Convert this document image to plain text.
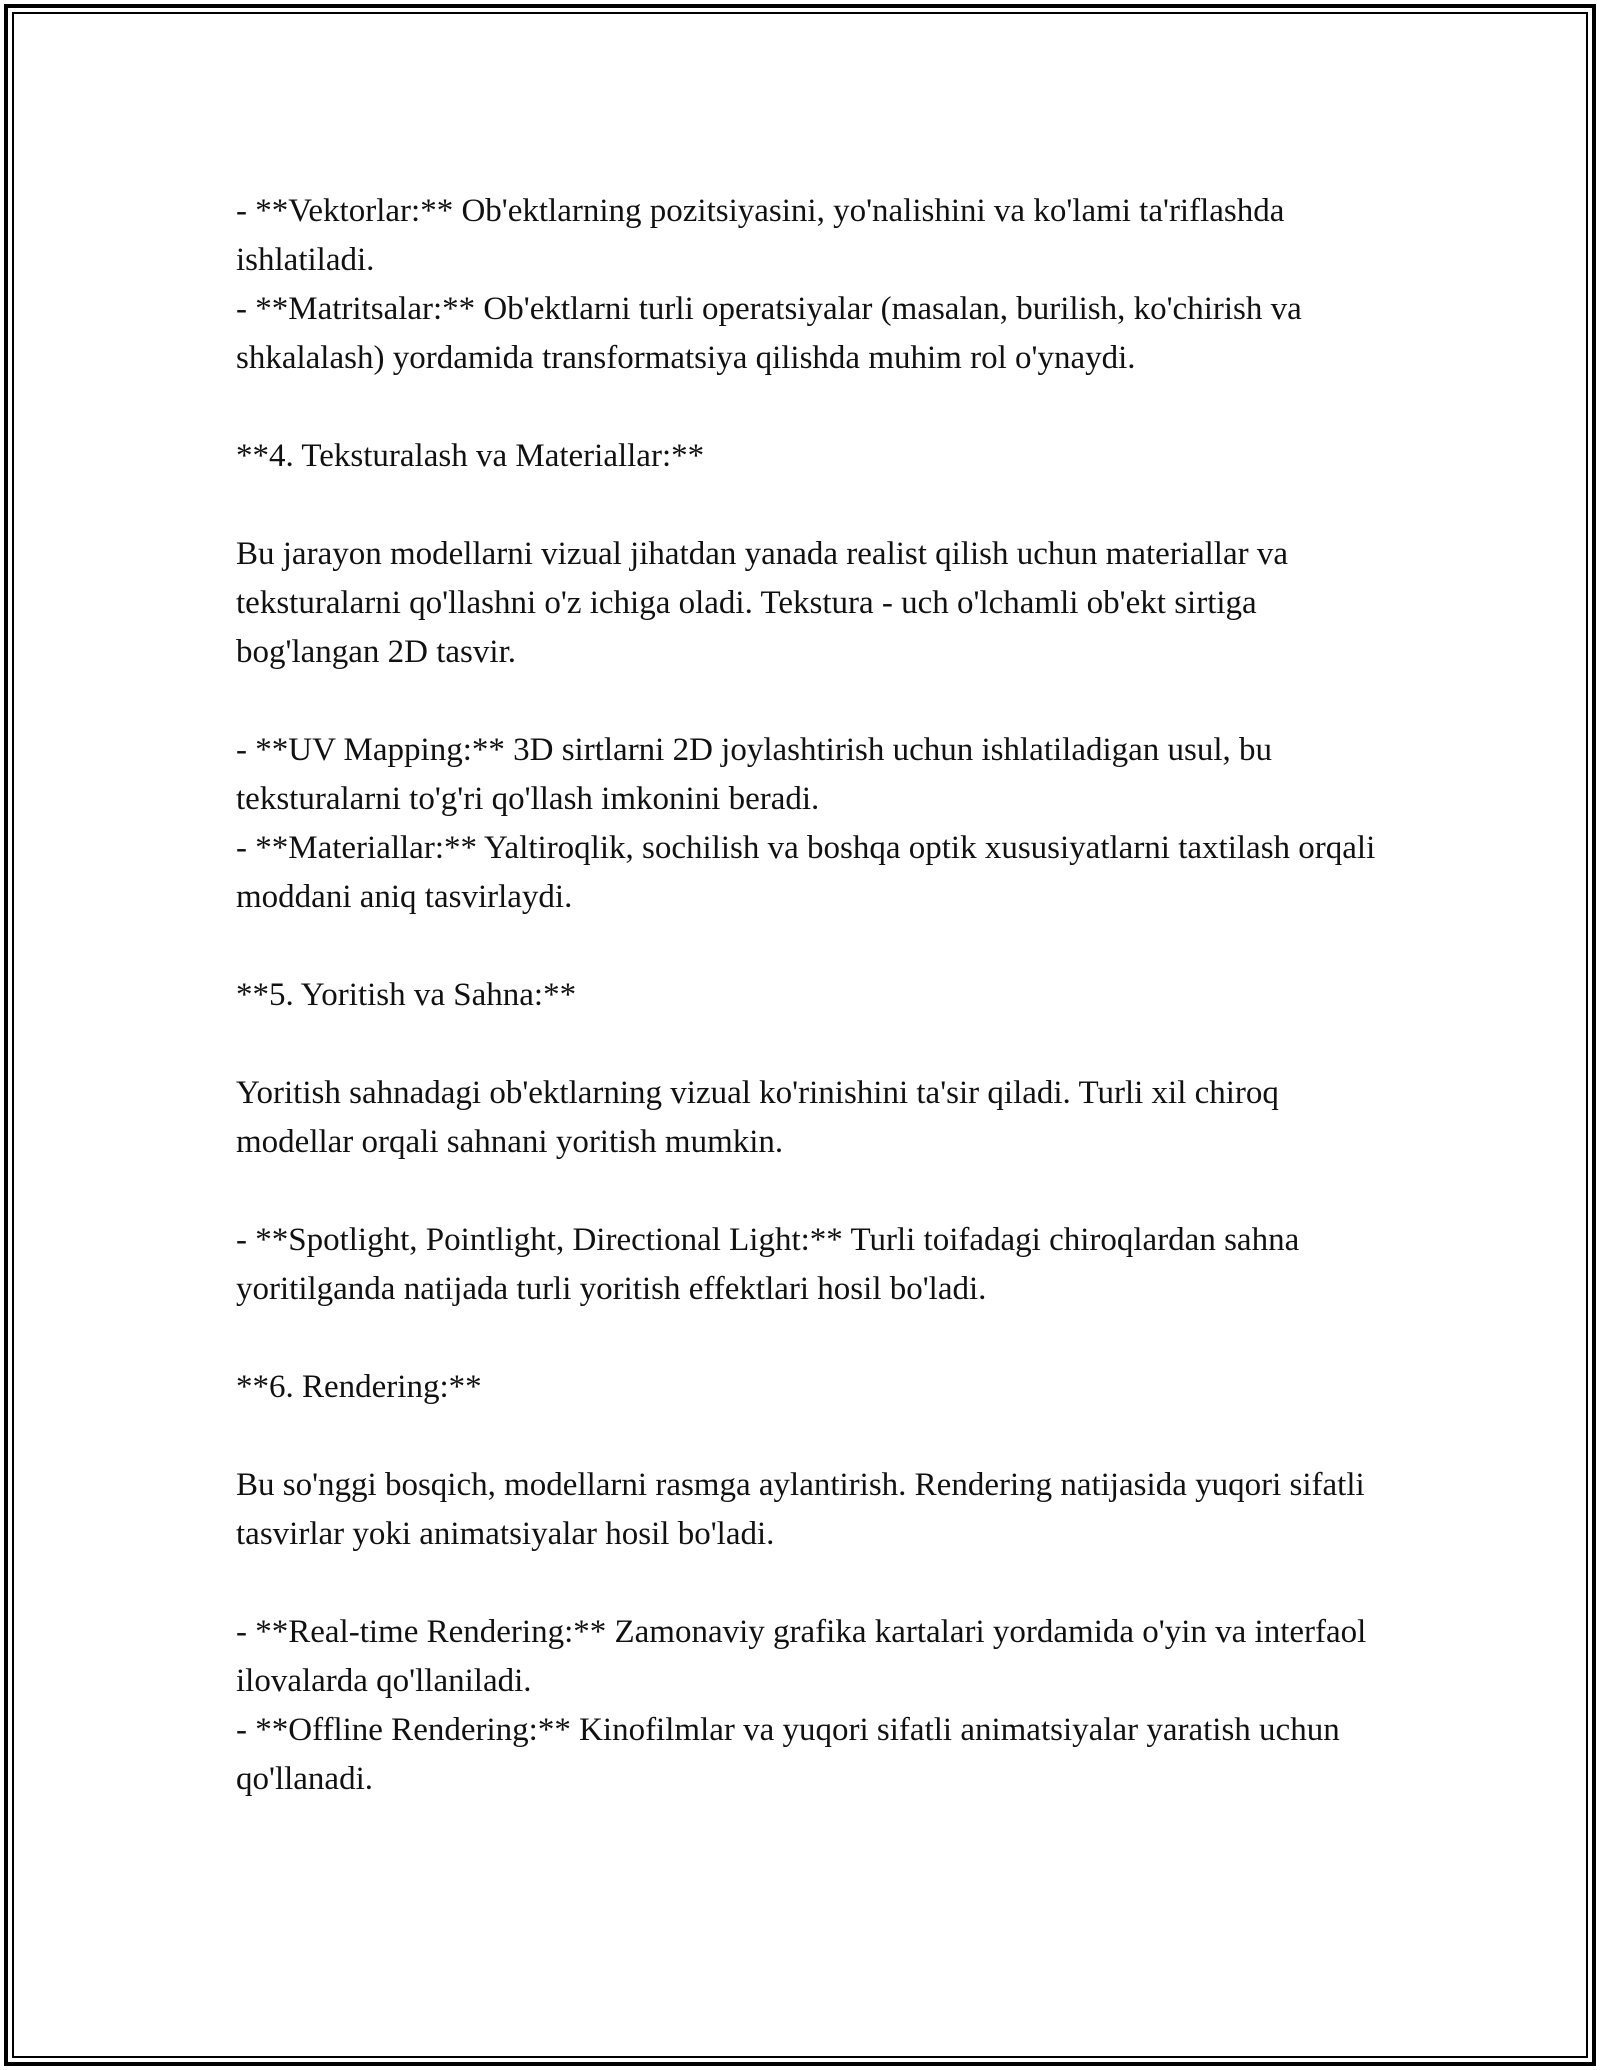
- **Vektorlar:** Ob'ektlarning pozitsiyasini, yo'nalishini va ko'lami ta'riflashda ishlatiladi.

- **Matritsalar:** Ob'ektlarni turli operatsiyalar (masalan, burilish, ko'chirish va shkalalash) yordamida transformatsiya qilishda muhim rol o'ynaydi.

**4. Teksturalash va Materiallar:**

Bu jarayon modellarni vizual jihatdan yanada realist qilish uchun materiallar va teksturalarni qo'llashni o'z ichiga oladi. Tekstura - uch o'lchamli ob'ekt sirtiga bog'langan 2D tasvir.

- **UV Mapping:** 3D sirtlarni 2D joylashtirish uchun ishlatiladigan usul, bu teksturalarni to'g'ri qo'llash imkonini beradi.

- **Materiallar:** Yaltiroqlik, sochilish va boshqa optik xususiyatlarni taxtilash orqali moddani aniq tasvirlaydi.

**5. Yoritish va Sahna:**

Yoritish sahnadagi ob'ektlarning vizual ko'rinishini ta'sir qiladi. Turli xil chiroq modellar orqali sahnani yoritish mumkin.

- **Spotlight, Pointlight, Directional Light:** Turli toifadagi chiroqlardan sahna yoritilganda natijada turli yoritish effektlari hosil bo'ladi.

**6. Rendering:**

Bu so'nggi bosqich, modellarni rasmga aylantirish. Rendering natijasida yuqori sifatli tasvirlar yoki animatsiyalar hosil bo'ladi.

- **Real-time Rendering:** Zamonaviy grafika kartalari yordamida o'yin va interfaol ilovalarda qo'llaniladi.

- **Offline Rendering:** Kinofilmlar va yuqori sifatli animatsiyalar yaratish uchun qo'llanadi.
